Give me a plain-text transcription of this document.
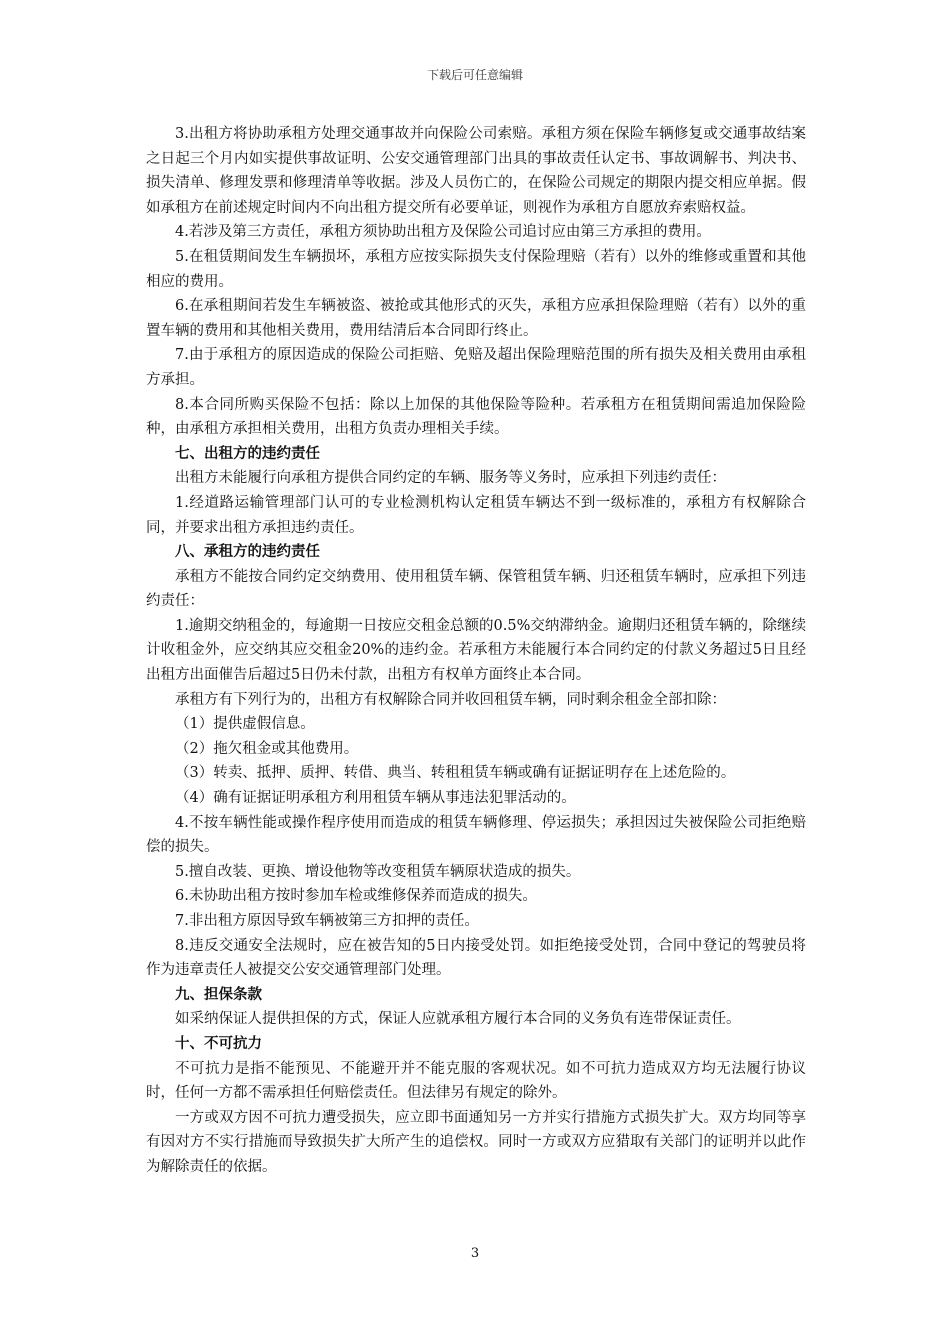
下载后可任意编辑

3.出租方将协助承租方处理交通事故并向保险公司索赔。承租方须在保险车辆修复或交通事故结案之日起三个月内如实提供事故证明、公安交通管理部门出具的事故责任认定书、事故调解书、判决书、损失清单、修理发票和修理清单等收据。涉及人员伤亡的，在保险公司规定的期限内提交相应单据。假如承租方在前述规定时间内不向出租方提交所有必要单证，则视作为承租方自愿放弃索赔权益。

4.若涉及第三方责任，承租方须协助出租方及保险公司追讨应由第三方承担的费用。

5.在租赁期间发生车辆损坏，承租方应按实际损失支付保险理赔（若有）以外的维修或重置和其他相应的费用。

6.在承租期间若发生车辆被盗、被抢或其他形式的灭失，承租方应承担保险理赔（若有）以外的重置车辆的费用和其他相关费用，费用结清后本合同即行终止。

7.由于承租方的原因造成的保险公司拒赔、免赔及超出保险理赔范围的所有损失及相关费用由承租方承担。

8.本合同所购买保险不包括：除以上加保的其他保险等险种。若承租方在租赁期间需追加保险险种，由承租方承担相关费用，出租方负责办理相关手续。

七、出租方的违约责任

出租方未能履行向承租方提供合同约定的车辆、服务等义务时，应承担下列违约责任：

1.经道路运输管理部门认可的专业检测机构认定租赁车辆达不到一级标准的，承租方有权解除合同，并要求出租方承担违约责任。

八、承租方的违约责任

承租方不能按合同约定交纳费用、使用租赁车辆、保管租赁车辆、归还租赁车辆时，应承担下列违约责任：

1.逾期交纳租金的，每逾期一日按应交租金总额的0.5%交纳滞纳金。逾期归还租赁车辆的，除继续计收租金外，应交纳其应交租金20%的违约金。若承租方未能履行本合同约定的付款义务超过5日且经出租方出面催告后超过5日仍未付款，出租方有权单方面终止本合同。

承租方有下列行为的，出租方有权解除合同并收回租赁车辆，同时剩余租金全部扣除：

（1）提供虚假信息。

（2）拖欠租金或其他费用。

（3）转卖、抵押、质押、转借、典当、转租租赁车辆或确有证据证明存在上述危险的。

（4）确有证据证明承租方利用租赁车辆从事违法犯罪活动的。

4.不按车辆性能或操作程序使用而造成的租赁车辆修理、停运损失；承担因过失被保险公司拒绝赔偿的损失。

5.擅自改装、更换、增设他物等改变租赁车辆原状造成的损失。

6.未协助出租方按时参加车检或维修保养而造成的损失。

7.非出租方原因导致车辆被第三方扣押的责任。

8.违反交通安全法规时，应在被告知的5日内接受处罚。如拒绝接受处罚，合同中登记的驾驶员将作为违章责任人被提交公安交通管理部门处理。

九、担保条款

如采纳保证人提供担保的方式，保证人应就承租方履行本合同的义务负有连带保证责任。

十、不可抗力

不可抗力是指不能预见、不能避开并不能克服的客观状况。如不可抗力造成双方均无法履行协议时，任何一方都不需承担任何赔偿责任。但法律另有规定的除外。

一方或双方因不可抗力遭受损失，应立即书面通知另一方并实行措施方式损失扩大。双方均同等享有因对方不实行措施而导致损失扩大所产生的追偿权。同时一方或双方应猎取有关部门的证明并以此作为解除责任的依据。

3
